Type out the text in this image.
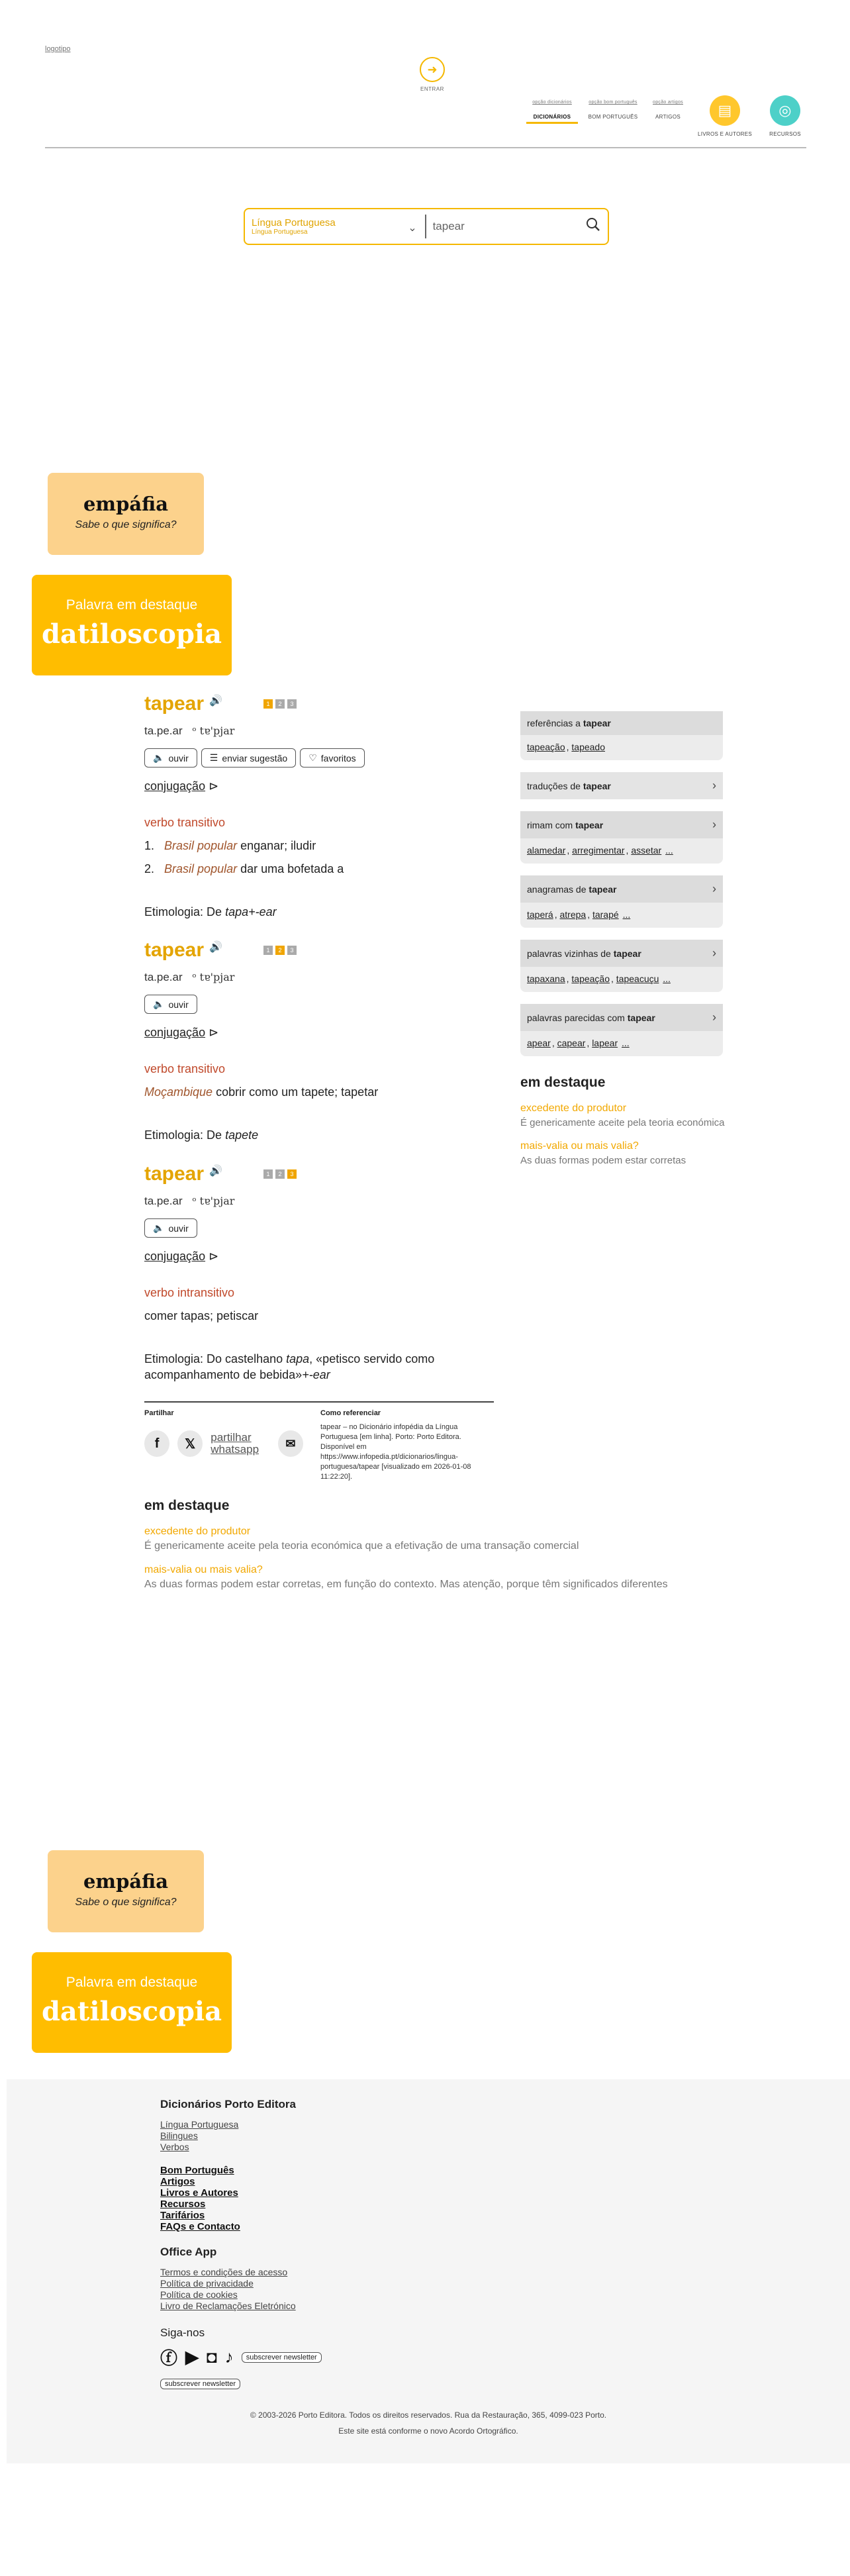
logotipo
➜
ENTRAR
opção dicionários
DICIONÁRIOS
opção bom português
BOM PORTUGUÊS
opção artigos
ARTIGOS	▤
LIVROS E AUTORES
◎
RECURSOS
Língua Portuguesa
Língua Portuguesa	⌄
tapear
empáfia
Sabe o que significa?
Palavra em destaque
datiloscopia
tapear 🔊	1	2	3
ta.pe.ar ᵒ tɐ'pjar
🔈 ouvir ☰ enviar sugestão ♡ favoritos
conjugação ⊳
verbo transitivo
1. Brasil popular enganar; iludir
2. Brasil popular dar uma bofetada a
Etimologia: De tapa+-ear
tapear 🔊	1	2	3
ta.pe.ar ᵒ tɐ'pjar
🔈 ouvir
conjugação ⊳
verbo transitivo
Moçambique cobrir como um tapete; tapetar
Etimologia: De tapete
tapear 🔊	1	2	3
ta.pe.ar ᵒ tɐ'pjar
🔈 ouvir
conjugação ⊳
verbo intransitivo
comer tapas; petiscar
Etimologia: Do castelhano tapa, «petisco servido como acompanhamento de bebida»+-ear
Partilhar
f	𝕏	partilhar whatsapp	✉
Como referenciar
tapear – no Dicionário infopédia da Língua Portuguesa [em linha]. Porto: Porto Editora. Disponível em https://www.infopedia.pt/dicionarios/lingua-portuguesa/tapear [visualizado em 2026-01-08 11:22:20].
em destaque
excedente do produtor
É genericamente aceite pela teoria económica que a efetivação de uma transação comercial
mais-valia ou mais valia?
As duas formas podem estar corretas, em função do contexto. Mas atenção, porque têm significados diferentes
referências a tapear
tapeação , tapeado
traduções de tapear	›
rimam com tapear	›
alamedar , arregimentar , assetar ...
anagramas de tapear	›
taperá , atrepa , tarapé ...
palavras vizinhas de tapear	›
tapaxana , tapeação , tapeacuçu ...
palavras parecidas com tapear	›
apear , capear , lapear ...
em destaque
excedente do produtor
É genericamente aceite pela teoria económica
mais-valia ou mais valia?
As duas formas podem estar corretas
empáfia
Sabe o que significa?
Palavra em destaque
datiloscopia
Dicionários Porto Editora
Língua Portuguesa
Bilingues
Verbos
Bom Português
Artigos
Livros e Autores
Recursos
Tarifários
FAQs e Contacto
Office App
Termos e condições de acesso
Política de privacidade
Política de cookies
Livro de Reclamações Eletrónico
Siga-nos
ⓕ ▶ ◘ ♪	subscrever newsletter
subscrever newsletter
© 2003-2026 Porto Editora. Todos os direitos reservados. Rua da Restauração, 365, 4099-023 Porto.
Este site está conforme o novo Acordo Ortográfico.
